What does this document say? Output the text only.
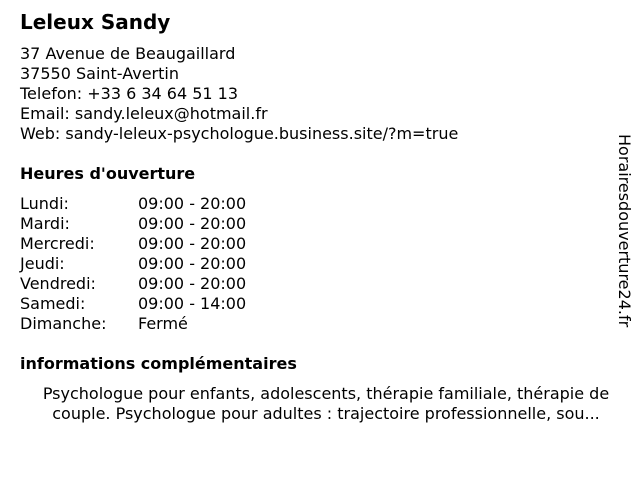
Leleux Sandy
37 Avenue de Beaugaillard
37550 Saint-Avertin
Telefon: +33 6 34 64 51 13
Email: sandy.leleux@hotmail.fr
Web: sandy-leleux-psychologue.business.site/?m=true
Heures d'ouverture
Lundi:	09:00 - 20:00
Mardi:	09:00 - 20:00
Mercredi:	09:00 - 20:00
Jeudi:	09:00 - 20:00
Vendredi:	09:00 - 20:00
Samedi:	09:00 - 14:00
Dimanche: Fermé
informations complémentaires
Psychologue pour enfants, adolescents, thérapie familiale, thérapie de
couple. Psychologue pour adultes : trajectoire professionnelle, sou...
Horairesdouverture24.fr
